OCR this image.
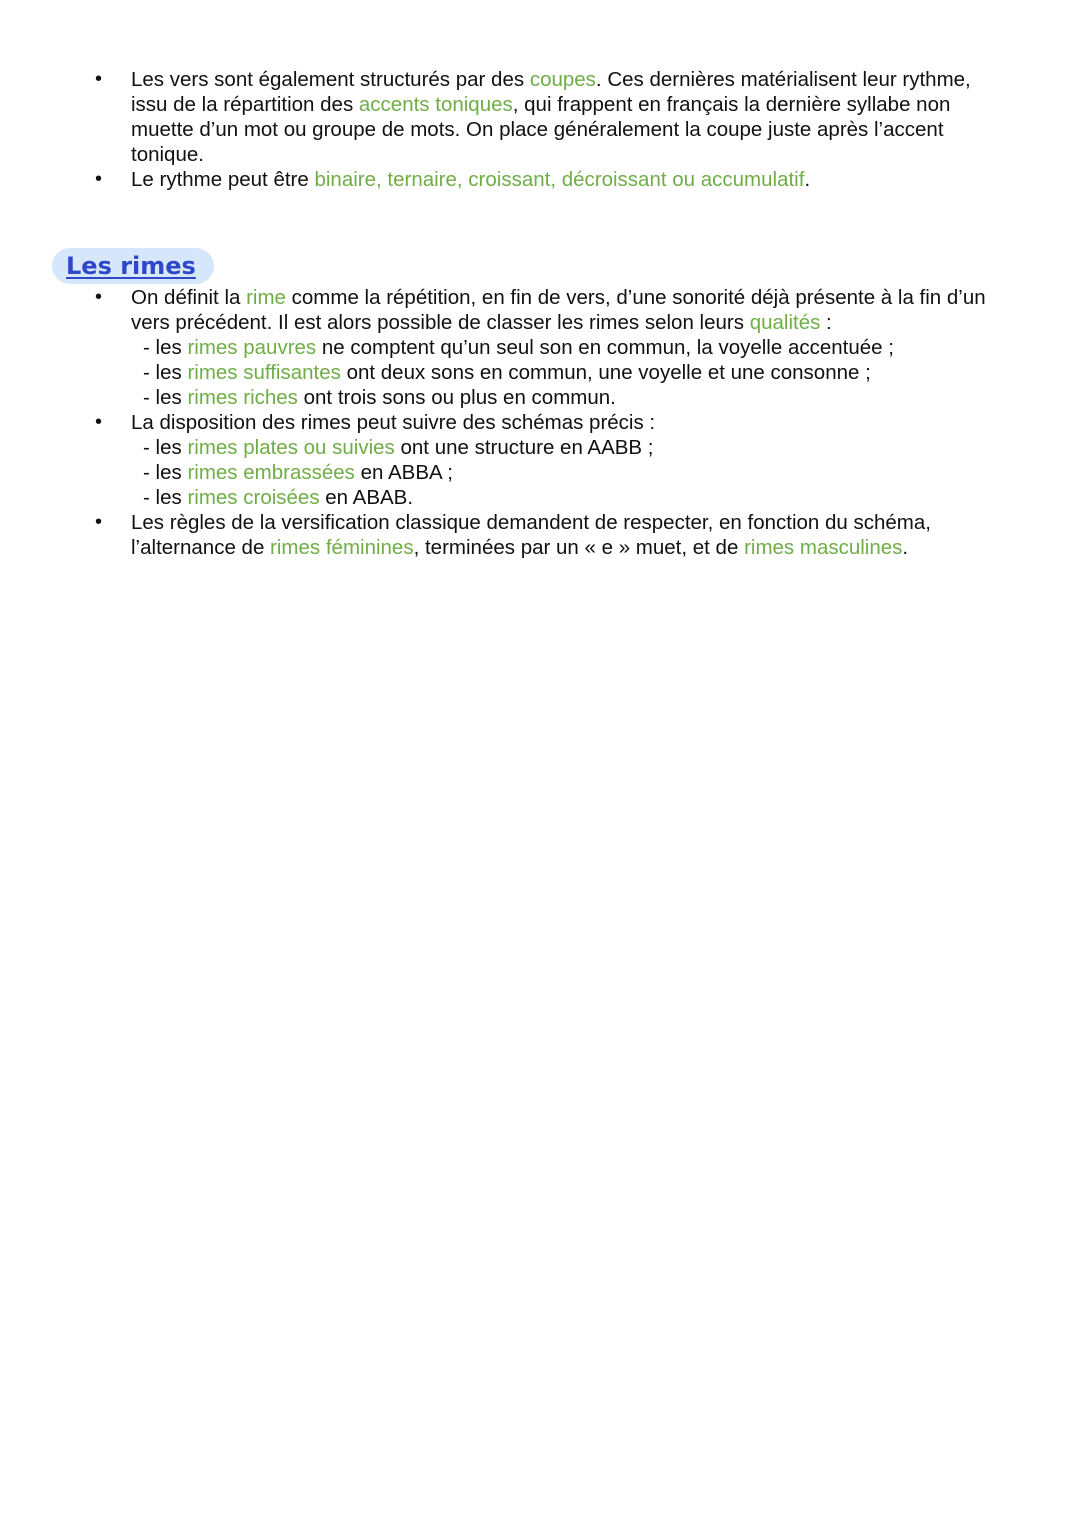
• Les vers sont également structurés par des coupes. Ces dernières matérialisent leur rythme, issu de la répartition des accents toniques, qui frappent en français la dernière syllabe non muette d’un mot ou groupe de mots. On place généralement la coupe juste après l’accent tonique.
• Le rythme peut être binaire, ternaire, croissant, décroissant ou accumulatif.
Les rimes
• On définit la rime comme la répétition, en fin de vers, d’une sonorité déjà présente à la fin d’un vers précédent. Il est alors possible de classer les rimes selon leurs qualités :
- les rimes pauvres ne comptent qu’un seul son en commun, la voyelle accentuée ;
- les rimes suffisantes ont deux sons en commun, une voyelle et une consonne ;
- les rimes riches ont trois sons ou plus en commun.
• La disposition des rimes peut suivre des schémas précis :
- les rimes plates ou suivies ont une structure en AABB ;
- les rimes embrassées en ABBA ;
- les rimes croisées en ABAB.
• Les règles de la versification classique demandent de respecter, en fonction du schéma, l’alternance de rimes féminines, terminées par un « e » muet, et de rimes masculines.
